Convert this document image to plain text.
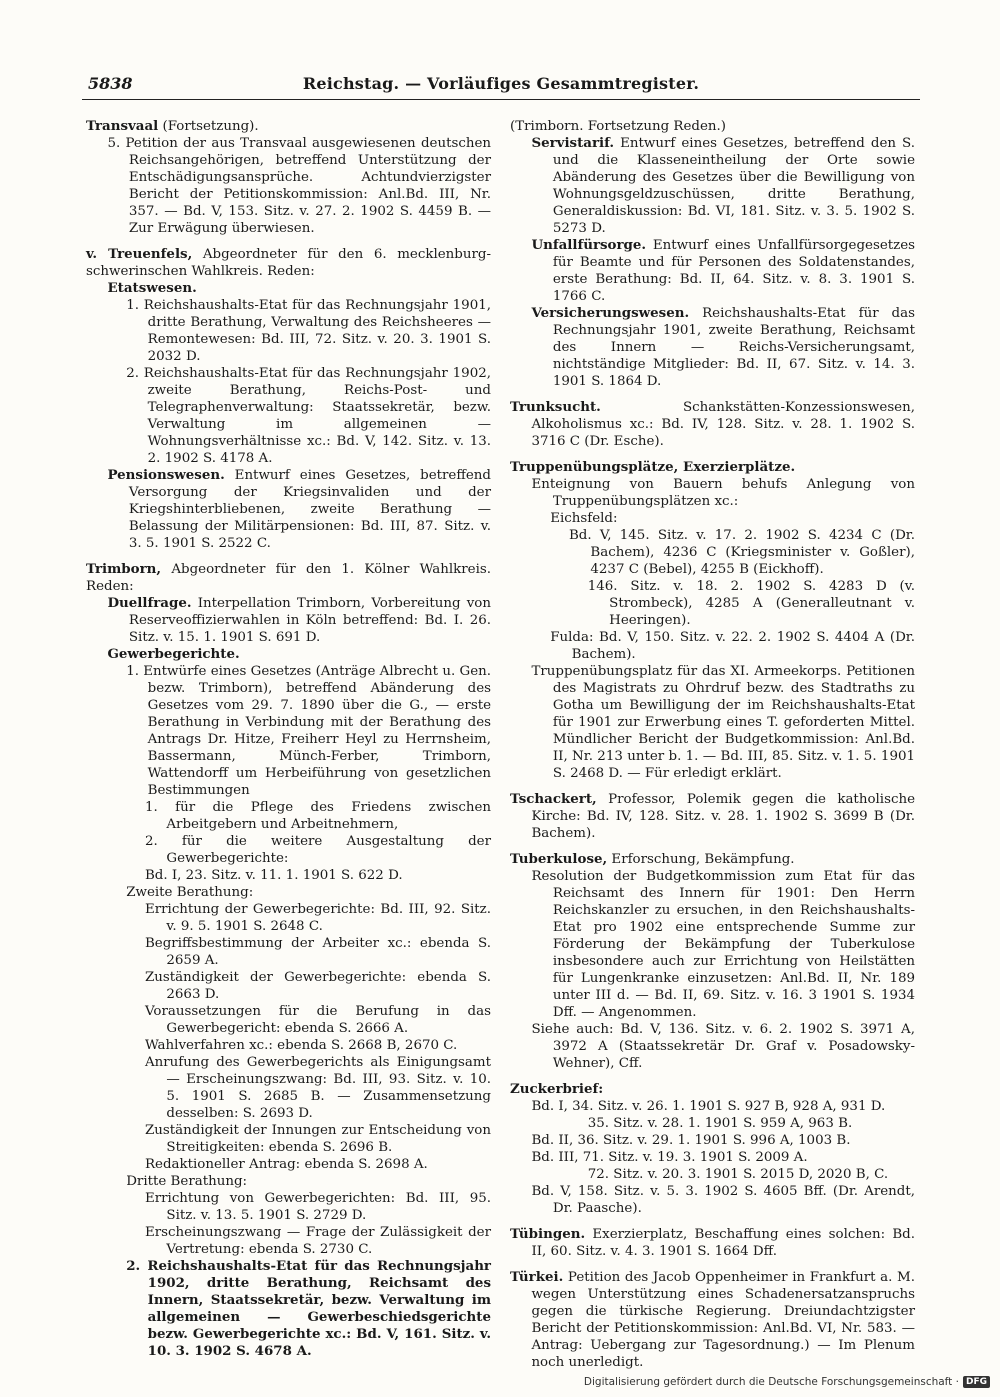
5838	Reichstag. — Vorläufiges Gesammtregister.

Transvaal (Fortsetzung).

5. Petition der aus Transvaal ausgewiesenen deutschen Reichsangehörigen, betreffend Unterstützung der Entschädigungsansprüche. Achtundvierzigster Bericht der Petitionskommission: Anl.Bd. III, Nr. 357. — Bd. V, 153. Sitz. v. 27. 2. 1902 S. 4459 B. — Zur Erwägung überwiesen.

v. Treuenfels, Abgeordneter für den 6. mecklenburg-schwerinschen Wahlkreis. Reden:

Etatswesen.

1. Reichshaushalts-Etat für das Rechnungsjahr 1901, dritte Berathung, Verwaltung des Reichsheeres — Remontewesen: Bd. III, 72. Sitz. v. 20. 3. 1901 S. 2032 D.

2. Reichshaushalts-Etat für das Rechnungsjahr 1902, zweite Berathung, Reichs-Post- und Telegraphenverwaltung: Staatssekretär, bezw. Verwaltung im allgemeinen — Wohnungsverhältnisse xc.: Bd. V, 142. Sitz. v. 13. 2. 1902 S. 4178 A.

Pensionswesen. Entwurf eines Gesetzes, betreffend Versorgung der Kriegsinvaliden und der Kriegshinterbliebenen, zweite Berathung — Belassung der Militärpensionen: Bd. III, 87. Sitz. v. 3. 5. 1901 S. 2522 C.

Trimborn, Abgeordneter für den 1. Kölner Wahlkreis. Reden:

Duellfrage. Interpellation Trimborn, Vorbereitung von Reserveoffizierwahlen in Köln betreffend: Bd. I. 26. Sitz. v. 15. 1. 1901 S. 691 D.

Gewerbegerichte.

1. Entwürfe eines Gesetzes (Anträge Albrecht u. Gen. bezw. Trimborn), betreffend Abänderung des Gesetzes vom 29. 7. 1890 über die G., — erste Berathung in Verbindung mit der Berathung des Antrags Dr. Hitze, Freiherr Heyl zu Herrnsheim, Bassermann, Münch-Ferber, Trimborn, Wattendorff um Herbeiführung von gesetzlichen Bestimmungen

1. für die Pflege des Friedens zwischen Arbeitgebern und Arbeitnehmern,

2. für die weitere Ausgestaltung der Gewerbegerichte:

Bd. I, 23. Sitz. v. 11. 1. 1901 S. 622 D.

Zweite Berathung:

Errichtung der Gewerbegerichte: Bd. III, 92. Sitz. v. 9. 5. 1901 S. 2648 C.

Begriffsbestimmung der Arbeiter xc.: ebenda S. 2659 A.

Zuständigkeit der Gewerbegerichte: ebenda S. 2663 D.

Voraussetzungen für die Berufung in das Gewerbegericht: ebenda S. 2666 A.

Wahlverfahren xc.: ebenda S. 2668 B, 2670 C.

Anrufung des Gewerbegerichts als Einigungsamt — Erscheinungszwang: Bd. III, 93. Sitz. v. 10. 5. 1901 S. 2685 B. — Zusammensetzung desselben: S. 2693 D.

Zuständigkeit der Innungen zur Entscheidung von Streitigkeiten: ebenda S. 2696 B.

Redaktioneller Antrag: ebenda S. 2698 A.

Dritte Berathung:

Errichtung von Gewerbegerichten: Bd. III, 95. Sitz. v. 13. 5. 1901 S. 2729 D.

Erscheinungszwang — Frage der Zulässigkeit der Vertretung: ebenda S. 2730 C.

2. Reichshaushalts-Etat für das Rechnungsjahr 1902, dritte Berathung, Reichsamt des Innern, Staatssekretär, bezw. Verwaltung im allgemeinen — Gewerbeschiedsgerichte bezw. Gewerbegerichte xc.: Bd. V, 161. Sitz. v. 10. 3. 1902 S. 4678 A.

(Trimborn. Fortsetzung Reden.)

Servistarif. Entwurf eines Gesetzes, betreffend den S. und die Klasseneintheilung der Orte sowie Abänderung des Gesetzes über die Bewilligung von Wohnungsgeldzuschüssen, dritte Berathung, Generaldiskussion: Bd. VI, 181. Sitz. v. 3. 5. 1902 S. 5273 D.

Unfallfürsorge. Entwurf eines Unfallfürsorgegesetzes für Beamte und für Personen des Soldatenstandes, erste Berathung: Bd. II, 64. Sitz. v. 8. 3. 1901 S. 1766 C.

Versicherungswesen. Reichshaushalts-Etat für das Rechnungsjahr 1901, zweite Berathung, Reichsamt des Innern — Reichs-Versicherungsamt, nichtständige Mitglieder: Bd. II, 67. Sitz. v. 14. 3. 1901 S. 1864 D.

Trunksucht. Schankstätten-Konzessionswesen, Alkoholismus xc.: Bd. IV, 128. Sitz. v. 28. 1. 1902 S. 3716 C (Dr. Esche).

Truppenübungsplätze, Exerzierplätze.

Enteignung von Bauern behufs Anlegung von Truppenübungsplätzen xc.:

Eichsfeld:

Bd. V, 145. Sitz. v. 17. 2. 1902 S. 4234 C (Dr. Bachem), 4236 C (Kriegsminister v. Goßler), 4237 C (Bebel), 4255 B (Eickhoff).

146. Sitz. v. 18. 2. 1902 S. 4283 D (v. Strombeck), 4285 A (Generalleutnant v. Heeringen).

Fulda: Bd. V, 150. Sitz. v. 22. 2. 1902 S. 4404 A (Dr. Bachem).

Truppenübungsplatz für das XI. Armeekorps. Petitionen des Magistrats zu Ohrdruf bezw. des Stadtraths zu Gotha um Bewilligung der im Reichshaushalts-Etat für 1901 zur Erwerbung eines T. geforderten Mittel. Mündlicher Bericht der Budgetkommission: Anl.Bd. II, Nr. 213 unter b. 1. — Bd. III, 85. Sitz. v. 1. 5. 1901 S. 2468 D. — Für erledigt erklärt.

Tschackert, Professor, Polemik gegen die katholische Kirche: Bd. IV, 128. Sitz. v. 28. 1. 1902 S. 3699 B (Dr. Bachem).

Tuberkulose, Erforschung, Bekämpfung.

Resolution der Budgetkommission zum Etat für das Reichsamt des Innern für 1901: Den Herrn Reichskanzler zu ersuchen, in den Reichshaushalts-Etat pro 1902 eine entsprechende Summe zur Förderung der Bekämpfung der Tuberkulose insbesondere auch zur Errichtung von Heilstätten für Lungenkranke einzusetzen: Anl.Bd. II, Nr. 189 unter III d. — Bd. II, 69. Sitz. v. 16. 3 1901 S. 1934 Dff. — Angenommen.

Siehe auch: Bd. V, 136. Sitz. v. 6. 2. 1902 S. 3971 A, 3972 A (Staatssekretär Dr. Graf v. Posadowsky-Wehner), Cff.

Zuckerbrief:

Bd. I, 34. Sitz. v. 26. 1. 1901 S. 927 B, 928 A, 931 D.

35. Sitz. v. 28. 1. 1901 S. 959 A, 963 B.

Bd. II, 36. Sitz. v. 29. 1. 1901 S. 996 A, 1003 B.

Bd. III, 71. Sitz. v. 19. 3. 1901 S. 2009 A.

72. Sitz. v. 20. 3. 1901 S. 2015 D, 2020 B, C.

Bd. V, 158. Sitz. v. 5. 3. 1902 S. 4605 Bff. (Dr. Arendt, Dr. Paasche).

Tübingen. Exerzierplatz, Beschaffung eines solchen: Bd. II, 60. Sitz. v. 4. 3. 1901 S. 1664 Dff.

Türkei. Petition des Jacob Oppenheimer in Frankfurt a. M. wegen Unterstützung eines Schadenersatzanspruchs gegen die türkische Regierung. Dreiundachtzigster Bericht der Petitionskommission: Anl.Bd. VI, Nr. 583. — Antrag: Uebergang zur Tagesordnung.) — Im Plenum noch unerledigt.

Digitalisierung gefördert durch die Deutsche Forschungsgemeinschaft · DFG
